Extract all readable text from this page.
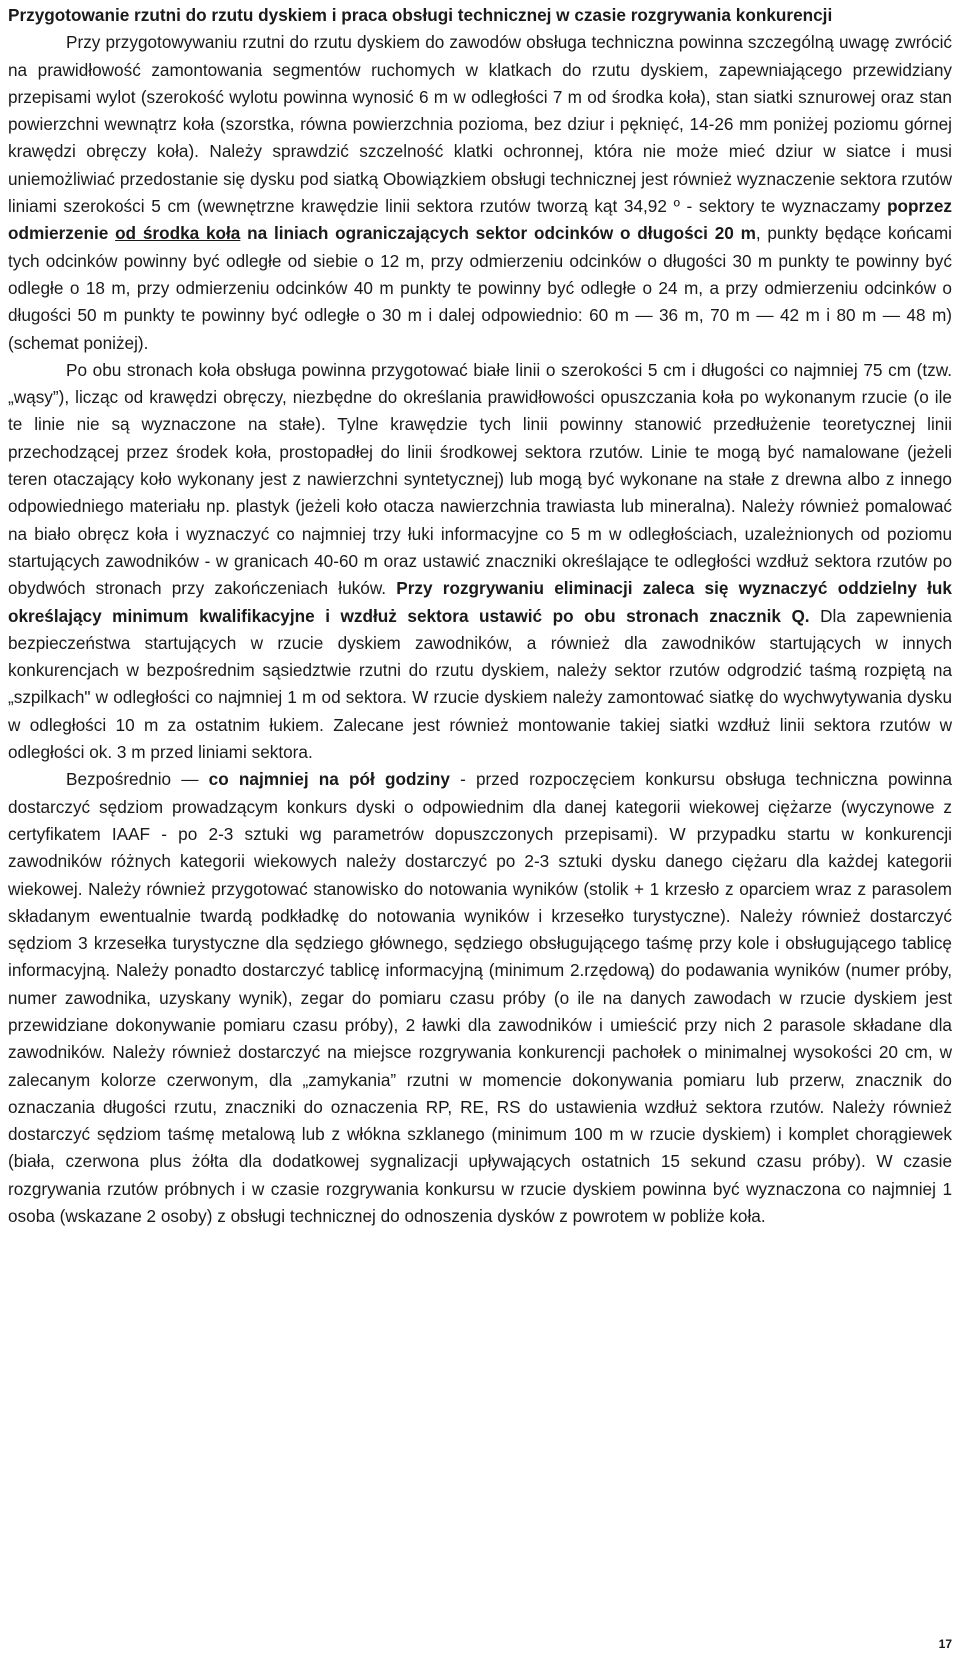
Przygotowanie rzutni do rzutu dyskiem i praca obsługi technicznej w czasie rozgrywania konkurencji

Przy przygotowywaniu rzutni do rzutu dyskiem do zawodów obsługa techniczna powinna szczególną uwagę zwrócić na prawidłowość zamontowania segmentów ruchomych w klatkach do rzutu dyskiem, zapewniającego przewidziany przepisami wylot (szerokość wylotu powinna wynosić 6 m w odległości 7 m od środka koła), stan siatki sznurowej oraz stan powierzchni wewnątrz koła (szorstka, równa powierzchnia pozioma, bez dziur i pęknięć, 14-26 mm poniżej poziomu górnej krawędzi obręczy koła). Należy sprawdzić szczelność klatki ochronnej, która nie może mieć dziur w siatce i musi uniemożliwiać przedostanie się dysku pod siatką Obowiązkiem obsługi technicznej jest również wyznaczenie sektora rzutów liniami szerokości 5 cm (wewnętrzne krawędzie linii sektora rzutów tworzą kąt 34,92 º - sektory te wyznaczamy poprzez odmierzenie od środka koła na liniach ograniczających sektor odcinków o długości 20 m, punkty będące końcami tych odcinków powinny być odległe od siebie o 12 m, przy odmierzeniu odcinków o długości 30 m punkty te powinny być odległe o 18 m, przy odmierzeniu odcinków 40 m punkty te powinny być odległe o 24 m, a przy odmierzeniu odcinków o długości 50 m punkty te powinny być odległe o 30 m i dalej odpowiednio: 60 m — 36 m, 70 m — 42 m i 80 m — 48 m) (schemat poniżej).

Po obu stronach koła obsługa powinna przygotować białe linii o szerokości 5 cm i długości co najmniej 75 cm (tzw. „wąsy”), licząc od krawędzi obręczy, niezbędne do określania prawidłowości opuszczania koła po wykonanym rzucie (o ile te linie nie są wyznaczone na stałe). Tylne krawędzie tych linii powinny stanowić przedłużenie teoretycznej linii przechodzącej przez środek koła, prostopadłej do linii środkowej sektora rzutów. Linie te mogą być namalowane (jeżeli teren otaczający koło wykonany jest z nawierzchni syntetycznej) lub mogą być wykonane na stałe z drewna albo z innego odpowiedniego materiału np. plastyk (jeżeli koło otacza nawierzchnia trawiasta lub mineralna). Należy również pomalować na biało obręcz koła i wyznaczyć co najmniej trzy łuki informacyjne co 5 m w odległościach, uzależnionych od poziomu startujących zawodników - w granicach 40-60 m oraz ustawić znaczniki określające te odległości wzdłuż sektora rzutów po obydwóch stronach przy zakończeniach łuków. Przy rozgrywaniu eliminacji zaleca się wyznaczyć oddzielny łuk określający minimum kwalifikacyjne i wzdłuż sektora ustawić po obu stronach znacznik Q. Dla zapewnienia bezpieczeństwa startujących w rzucie dyskiem zawodników, a również dla zawodników startujących w innych konkurencjach w bezpośrednim sąsiedztwie rzutni do rzutu dyskiem, należy sektor rzutów odgrodzić taśmą rozpiętą na „szpilkach" w odległości co najmniej 1 m od sektora. W rzucie dyskiem należy zamontować siatkę do wychwytywania dysku w odległości 10 m za ostatnim łukiem. Zalecane jest również montowanie takiej siatki wzdłuż linii sektora rzutów w odległości ok. 3 m przed liniami sektora.

Bezpośrednio — co najmniej na pół godziny - przed rozpoczęciem konkursu obsługa techniczna powinna dostarczyć sędziom prowadzącym konkurs dyski o odpowiednim dla danej kategorii wiekowej ciężarze (wyczynowe z certyfikatem IAAF - po 2-3 sztuki wg parametrów dopuszczonych przepisami). W przypadku startu w konkurencji zawodników różnych kategorii wiekowych należy dostarczyć po 2-3 sztuki dysku danego ciężaru dla każdej kategorii wiekowej. Należy również przygotować stanowisko do notowania wyników (stolik + 1 krzesło z oparciem wraz z parasolem składanym ewentualnie twardą podkładkę do notowania wyników i krzesełko turystyczne). Należy również dostarczyć sędziom 3 krzesełka turystyczne dla sędziego głównego, sędziego obsługującego taśmę przy kole i obsługującego tablicę informacyjną. Należy ponadto dostarczyć tablicę informacyjną (minimum 2.rzędową) do podawania wyników (numer próby, numer zawodnika, uzyskany wynik), zegar do pomiaru czasu próby (o ile na danych zawodach w rzucie dyskiem jest przewidziane dokonywanie pomiaru czasu próby), 2 ławki dla zawodników i umieścić przy nich 2 parasole składane dla zawodników. Należy również dostarczyć na miejsce rozgrywania konkurencji pachołek o minimalnej wysokości 20 cm, w zalecanym kolorze czerwonym, dla „zamykania” rzutni w momencie dokonywania pomiaru lub przerw, znacznik do oznaczania długości rzutu, znaczniki do oznaczenia RP, RE, RS do ustawienia wzdłuż sektora rzutów. Należy również dostarczyć sędziom taśmę metalową lub z włókna szklanego (minimum 100 m w rzucie dyskiem) i komplet chorągiewek (biała, czerwona plus żółta dla dodatkowej sygnalizacji upływających ostatnich 15 sekund czasu próby). W czasie rozgrywania rzutów próbnych i w czasie rozgrywania konkursu w rzucie dyskiem powinna być wyznaczona co najmniej 1 osoba (wskazane 2 osoby) z obsługi technicznej do odnoszenia dysków z powrotem w pobliże koła.

17
